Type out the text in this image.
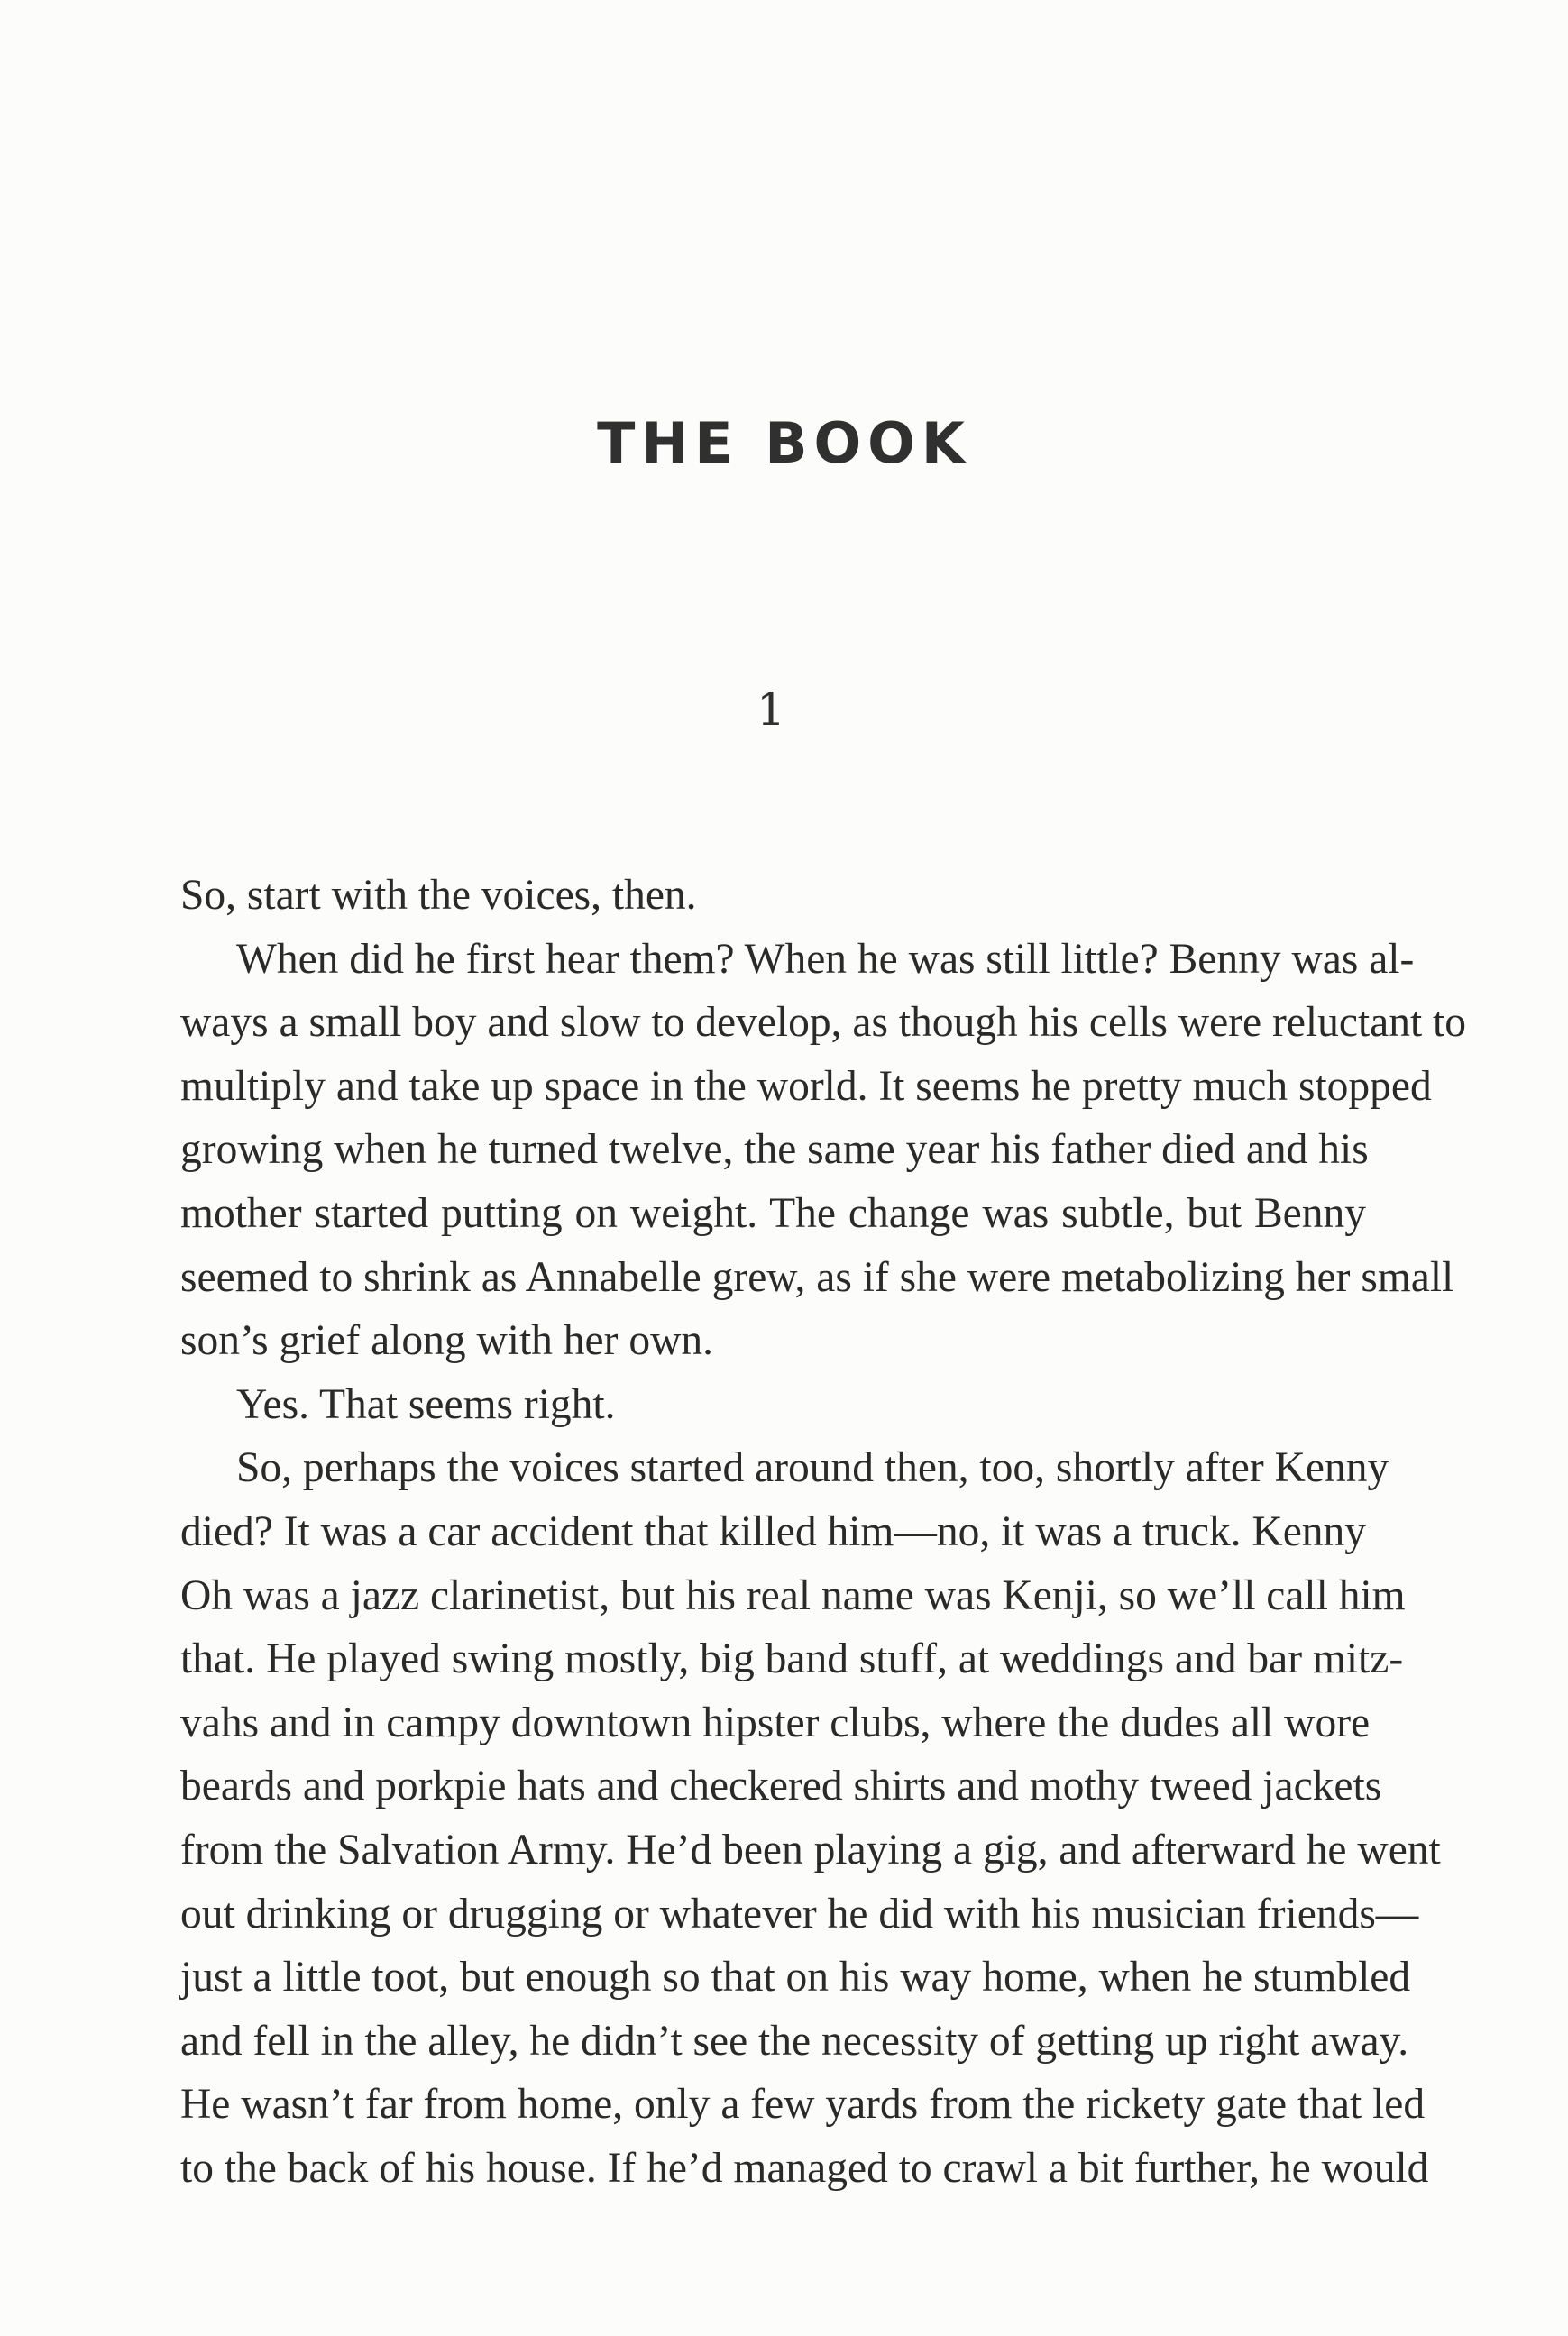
THE BOOK
1
So, start with the voices, then.
When did he first hear them? When he was still little? Benny was al-
ways a small boy and slow to develop, as though his cells were reluctant to
multiply and take up space in the world. It seems he pretty much stopped
growing when he turned twelve, the same year his father died and his
mother started putting on weight. The change was subtle, but Benny
seemed to shrink as Annabelle grew, as if she were metabolizing her small
son’s grief along with her own.
Yes. That seems right.
So, perhaps the voices started around then, too, shortly after Kenny
died? It was a car accident that killed him—no, it was a truck. Kenny
Oh was a jazz clarinetist, but his real name was Kenji, so we’ll call him
that. He played swing mostly, big band stuff, at weddings and bar mitz-
vahs and in campy downtown hipster clubs, where the dudes all wore
beards and porkpie hats and checkered shirts and mothy tweed jackets
from the Salvation Army. He’d been playing a gig, and afterward he went
out drinking or drugging or whatever he did with his musician friends—
just a little toot, but enough so that on his way home, when he stumbled
and fell in the alley, he didn’t see the necessity of getting up right away.
He wasn’t far from home, only a few yards from the rickety gate that led
to the back of his house. If he’d managed to crawl a bit further, he would
